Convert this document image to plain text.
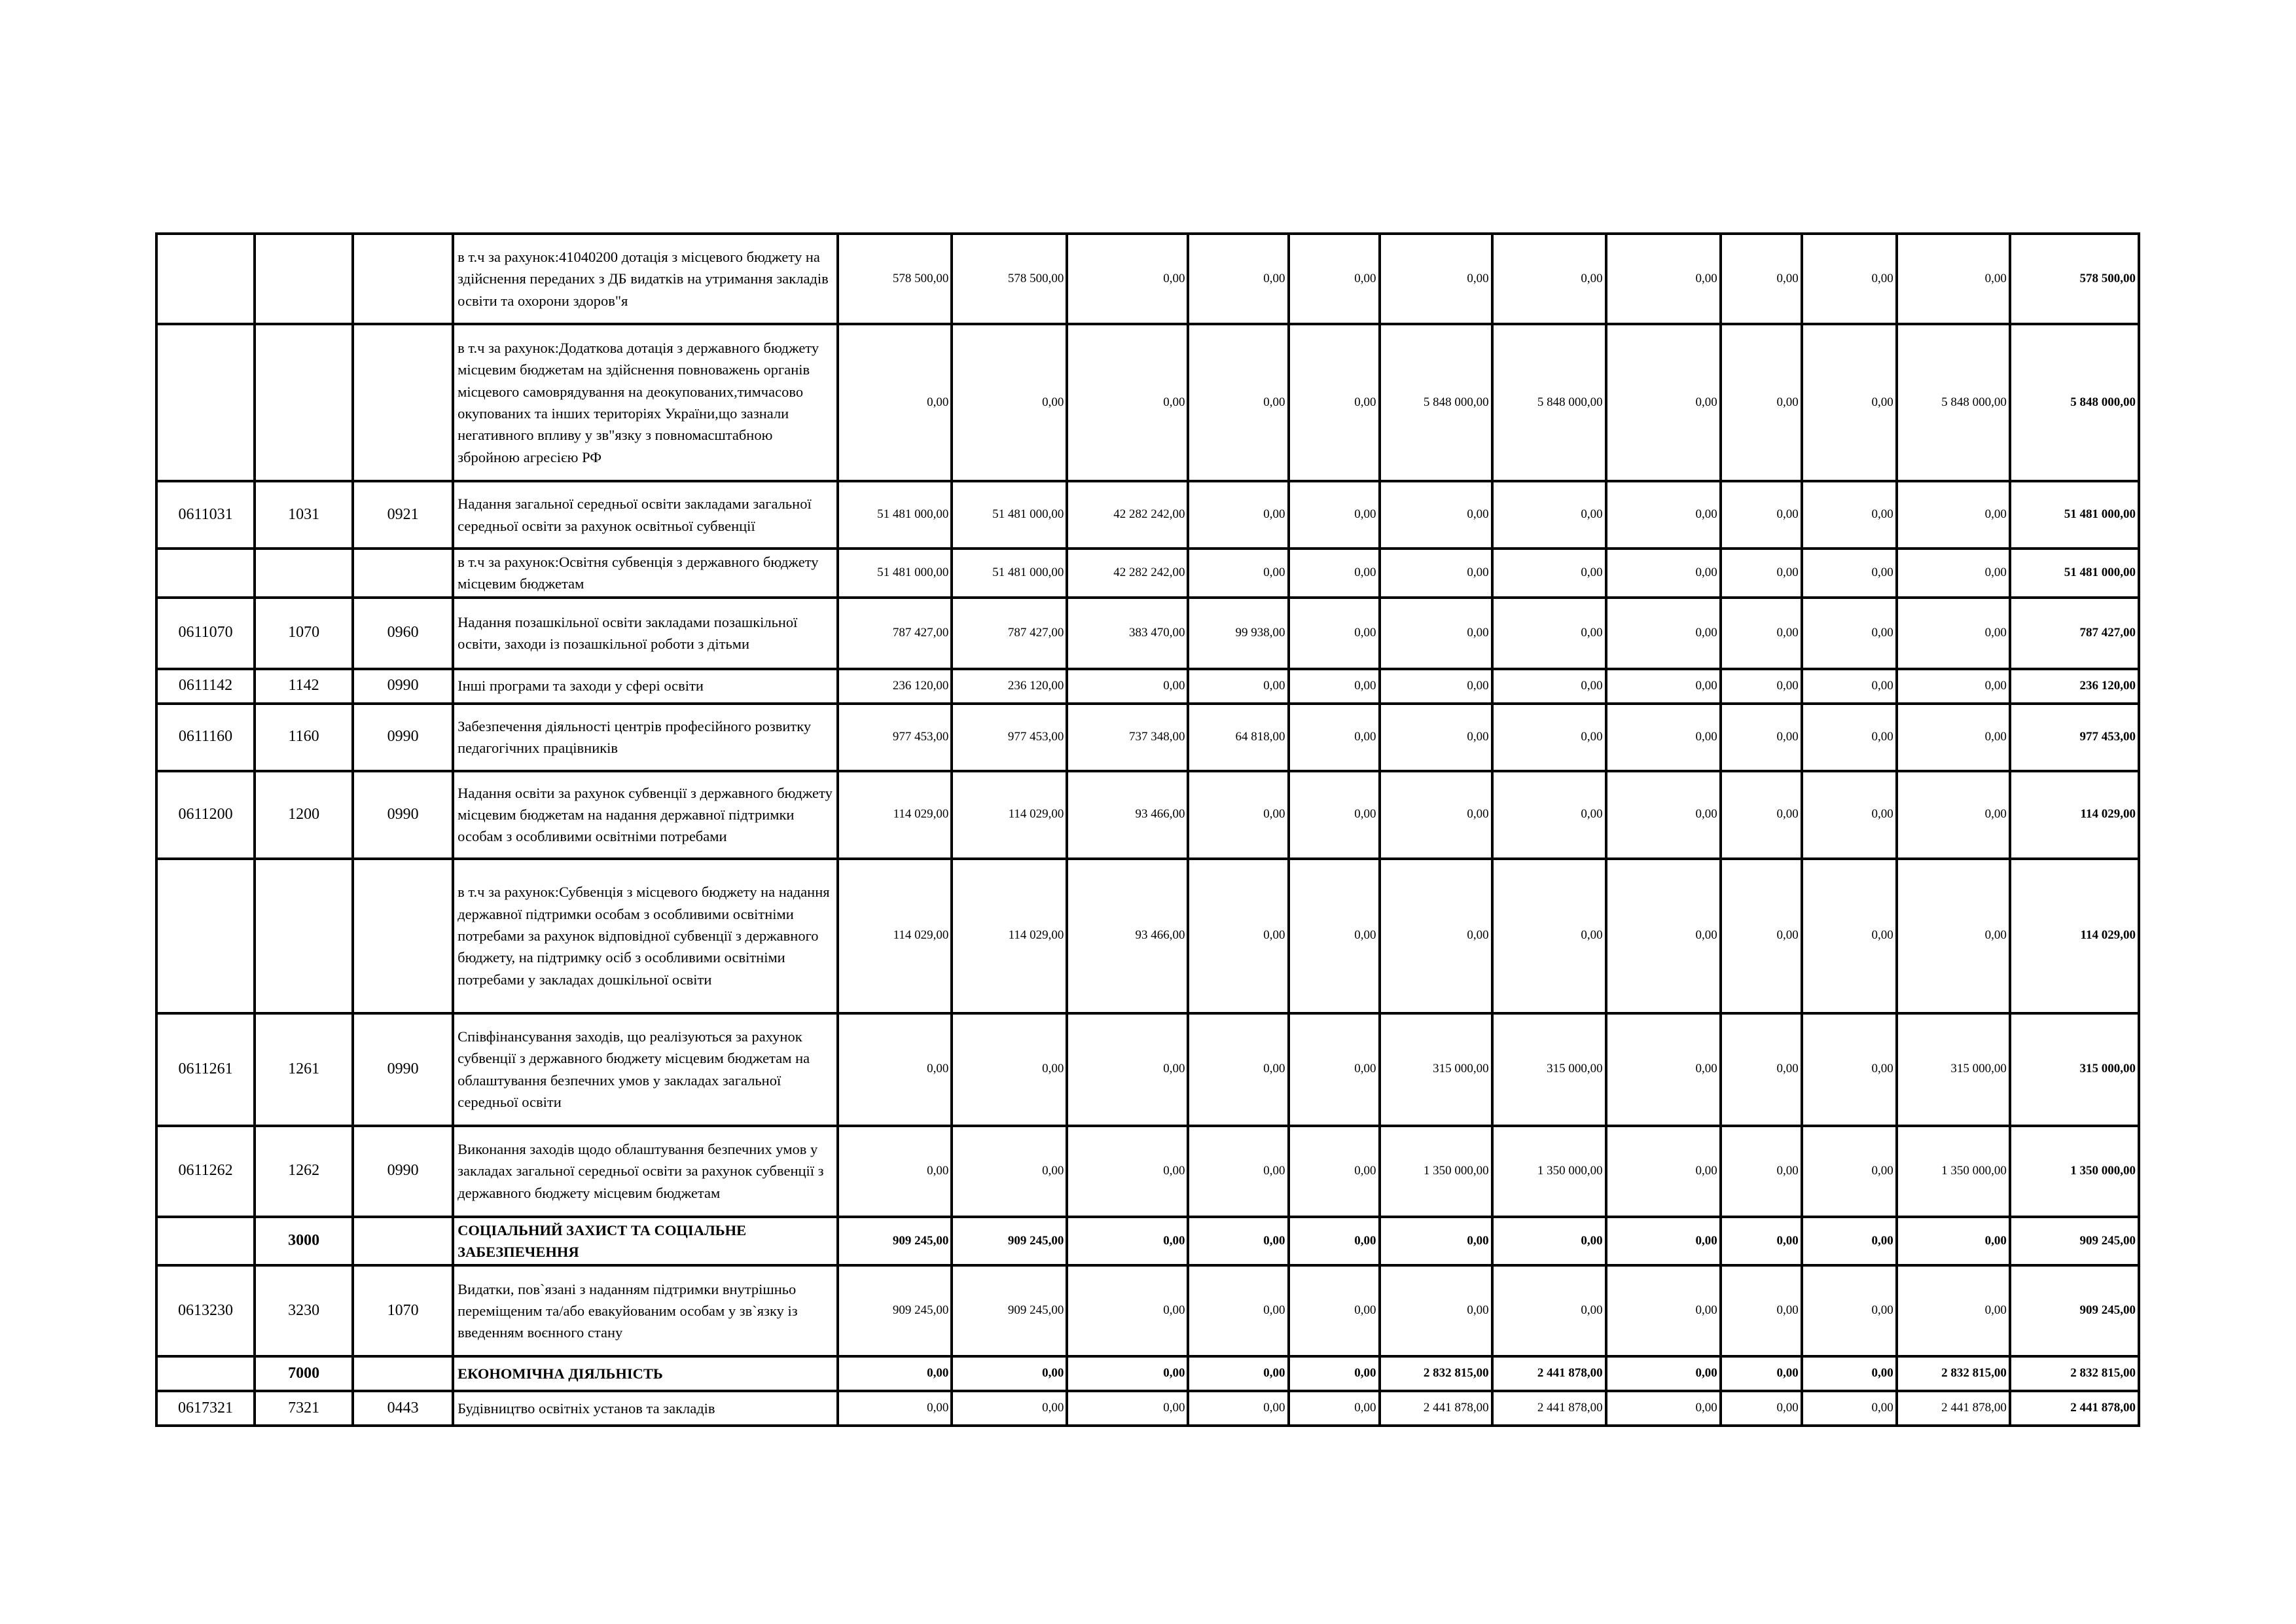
			в т.ч за рахунок:41040200 дотація з місцевого бюджету на здійснення переданих з ДБ видатків на утримання закладів освіти та охорони здоров"я	578 500,00	578 500,00	0,00	0,00	0,00	0,00	0,00	0,00	0,00	0,00	0,00	578 500,00
			в т.ч за рахунок:Додаткова дотація з державного бюджету місцевим бюджетам на здійснення повноважень органів місцевого самоврядування на деокупованих,тимчасово окупованих та інших територіях України,що зазнали негативного впливу у зв"язку з повномасштабною збройною агресією РФ	0,00	0,00	0,00	0,00	0,00	5 848 000,00	5 848 000,00	0,00	0,00	0,00	5 848 000,00	5 848 000,00
0611031	1031	0921	Надання загальної середньої освіти закладами загальної середньої освіти за рахунок освітньої субвенції	51 481 000,00	51 481 000,00	42 282 242,00	0,00	0,00	0,00	0,00	0,00	0,00	0,00	0,00	51 481 000,00
			в т.ч за рахунок:Освітня субвенція з державного бюджету місцевим бюджетам	51 481 000,00	51 481 000,00	42 282 242,00	0,00	0,00	0,00	0,00	0,00	0,00	0,00	0,00	51 481 000,00
0611070	1070	0960	Надання позашкільної освіти закладами позашкільної освіти, заходи із позашкільної роботи з дітьми	787 427,00	787 427,00	383 470,00	99 938,00	0,00	0,00	0,00	0,00	0,00	0,00	0,00	787 427,00
0611142	1142	0990	Інші програми та заходи у сфері освіти	236 120,00	236 120,00	0,00	0,00	0,00	0,00	0,00	0,00	0,00	0,00	0,00	236 120,00
0611160	1160	0990	Забезпечення діяльності центрів професійного розвитку педагогічних працівників	977 453,00	977 453,00	737 348,00	64 818,00	0,00	0,00	0,00	0,00	0,00	0,00	0,00	977 453,00
0611200	1200	0990	Надання освіти за рахунок субвенції з державного бюджету місцевим бюджетам на надання державної підтримки особам з особливими освітніми потребами	114 029,00	114 029,00	93 466,00	0,00	0,00	0,00	0,00	0,00	0,00	0,00	0,00	114 029,00
			в т.ч за рахунок:Субвенція з місцевого бюджету на надання державної підтримки особам з особливими освітніми потребами за рахунок відповідної субвенції з державного бюджету, на підтримку осіб з особливими освітніми потребами у закладах дошкільної освіти	114 029,00	114 029,00	93 466,00	0,00	0,00	0,00	0,00	0,00	0,00	0,00	0,00	114 029,00
0611261	1261	0990	Співфінансування заходів, що реалізуються за рахунок субвенції з державного бюджету місцевим бюджетам на облаштування безпечних умов у закладах загальної середньої освіти	0,00	0,00	0,00	0,00	0,00	315 000,00	315 000,00	0,00	0,00	0,00	315 000,00	315 000,00
0611262	1262	0990	Виконання заходів щодо облаштування безпечних умов у закладах загальної середньої освіти за рахунок субвенції з державного бюджету місцевим бюджетам	0,00	0,00	0,00	0,00	0,00	1 350 000,00	1 350 000,00	0,00	0,00	0,00	1 350 000,00	1 350 000,00
	3000		СОЦІАЛЬНИЙ ЗАХИСТ ТА СОЦІАЛЬНЕ ЗАБЕЗПЕЧЕННЯ	909 245,00	909 245,00	0,00	0,00	0,00	0,00	0,00	0,00	0,00	0,00	0,00	909 245,00
0613230	3230	1070	Видатки, пов`язані з наданням підтримки внутрішньо переміщеним та/або евакуйованим особам у зв`язку із введенням воєнного стану	909 245,00	909 245,00	0,00	0,00	0,00	0,00	0,00	0,00	0,00	0,00	0,00	909 245,00
	7000		ЕКОНОМІЧНА ДІЯЛЬНІСТЬ	0,00	0,00	0,00	0,00	0,00	2 832 815,00	2 441 878,00	0,00	0,00	0,00	2 832 815,00	2 832 815,00
0617321	7321	0443	Будівництво освітніх установ та закладів	0,00	0,00	0,00	0,00	0,00	2 441 878,00	2 441 878,00	0,00	0,00	0,00	2 441 878,00	2 441 878,00
